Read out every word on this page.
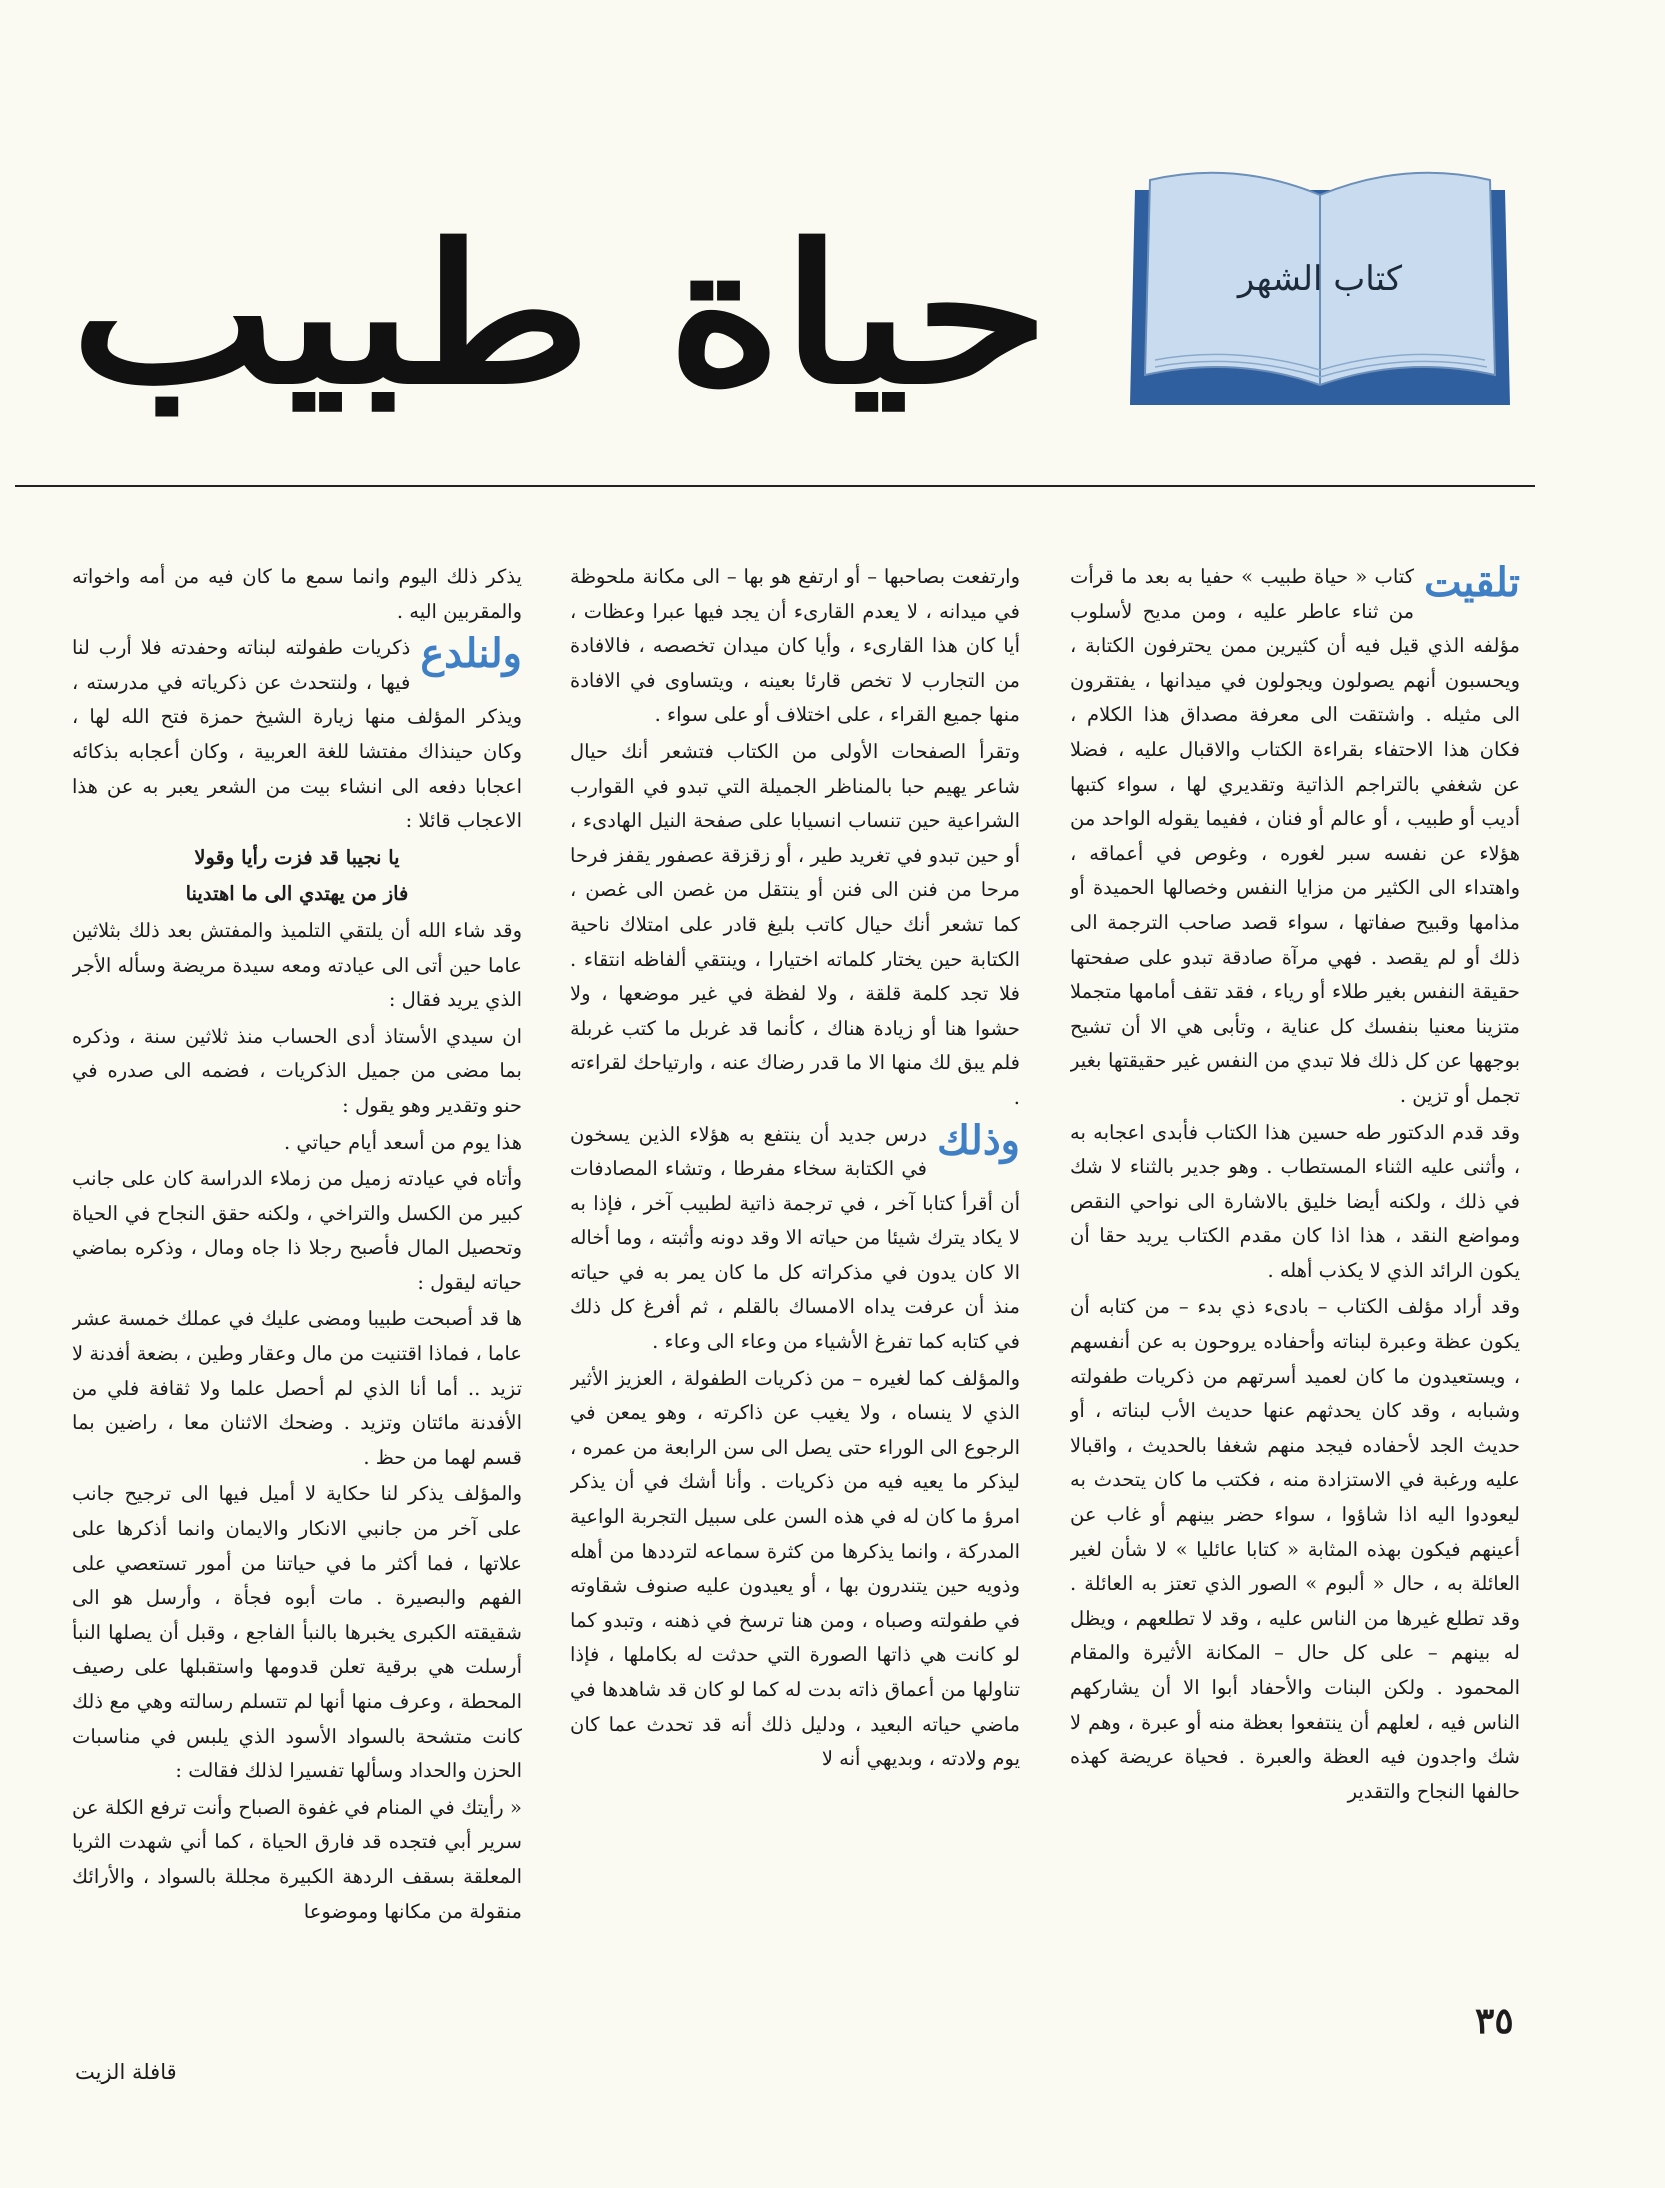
كتاب الشهر
حياة طبيب
تلقيت

كتاب « حياة طبيب » حفيا به بعد ما قرأت من ثناء عاطر عليه ، ومن مديح لأسلوب مؤلفه الذي قيل فيه أن كثيرين ممن يحترفون الكتابة ، ويحسبون أنهم يصولون ويجولون في ميدانها ، يفتقرون الى مثيله . واشتقت الى معرفة مصداق هذا الكلام ، فكان هذا الاحتفاء بقراءة الكتاب والاقبال عليه ، فضلا عن شغفي بالتراجم الذاتية وتقديري لها ، سواء كتبها أديب أو طبيب ، أو عالم أو فنان ، ففيما يقوله الواحد من هؤلاء عن نفسه سبر لغوره ، وغوص في أعماقه ، واهتداء الى الكثير من مزايا النفس وخصالها الحميدة أو مذامها وقبيح صفاتها ، سواء قصد صاحب الترجمة الى ذلك أو لم يقصد . فهي مرآة صادقة تبدو على صفحتها حقيقة النفس بغير طلاء أو رياء ، فقد تقف أمامها متجملا متزينا معنيا بنفسك كل عناية ، وتأبى هي الا أن تشيح بوجهها عن كل ذلك فلا تبدي من النفس غير حقيقتها بغير تجمل أو تزين .

وقد قدم الدكتور طه حسين هذا الكتاب فأبدى اعجابه به ، وأثنى عليه الثناء المستطاب . وهو جدير بالثناء لا شك في ذلك ، ولكنه أيضا خليق بالاشارة الى نواحي النقص ومواضع النقد ، هذا اذا كان مقدم الكتاب يريد حقا أن يكون الرائد الذي لا يكذب أهله .

وقد أراد مؤلف الكتاب – بادىء ذي بدء – من كتابه أن يكون عظة وعبرة لبناته وأحفاده يروحون به عن أنفسهم ، ويستعيدون ما كان لعميد أسرتهم من ذكريات طفولته وشبابه ، وقد كان يحدثهم عنها حديث الأب لبناته ، أو حديث الجد لأحفاده فيجد منهم شغفا بالحديث ، واقبالا عليه ورغبة في الاستزادة منه ، فكتب ما كان يتحدث به ليعودوا اليه اذا شاؤوا ، سواء حضر بينهم أو غاب عن أعينهم فيكون بهذه المثابة « كتابا عائليا » لا شأن لغير العائلة به ، حال « ألبوم » الصور الذي تعتز به العائلة . وقد تطلع غيرها من الناس عليه ، وقد لا تطلعهم ، ويظل له بينهم – على كل حال – المكانة الأثيرة والمقام المحمود . ولكن البنات والأحفاد أبوا الا أن يشاركهم الناس فيه ، لعلهم أن ينتفعوا بعظة منه أو عبرة ، وهم لا شك واجدون فيه العظة والعبرة . فحياة عريضة كهذه حالفها النجاح والتقدير

وارتفعت بصاحبها – أو ارتفع هو بها – الى مكانة ملحوظة في ميدانه ، لا يعدم القارىء أن يجد فيها عبرا وعظات ، أيا كان هذا القارىء ، وأيا كان ميدان تخصصه ، فالافادة من التجارب لا تخص قارئا بعينه ، ويتساوى في الافادة منها جميع القراء ، على اختلاف أو على سواء .

وتقرأ الصفحات الأولى من الكتاب فتشعر أنك حيال شاعر يهيم حبا بالمناظر الجميلة التي تبدو في القوارب الشراعية حين تنساب انسيابا على صفحة النيل الهادىء ، أو حين تبدو في تغريد طير ، أو زقزقة عصفور يقفز فرحا مرحا من فنن الى فنن أو ينتقل من غصن الى غصن ، كما تشعر أنك حيال كاتب بليغ قادر على امتلاك ناحية الكتابة حين يختار كلماته اختيارا ، وينتقي ألفاظه انتقاء . فلا تجد كلمة قلقة ، ولا لفظة في غير موضعها ، ولا حشوا هنا أو زيادة هناك ، كأنما قد غربل ما كتب غربلة فلم يبق لك منها الا ما قدر رضاك عنه ، وارتياحك لقراءته .

وذلك
درس جديد أن ينتفع به هؤلاء الذين يسخون في الكتابة سخاء مفرطا ، وتشاء المصادفات أن أقرأ كتابا آخر ، في ترجمة ذاتية لطبيب آخر ، فإذا به لا يكاد يترك شيئا من حياته الا وقد دونه وأثبته ، وما أخاله الا كان يدون في مذكراته كل ما كان يمر به في حياته منذ أن عرفت يداه الامساك بالقلم ، ثم أفرغ كل ذلك في كتابه كما تفرغ الأشياء من وعاء الى وعاء .

والمؤلف كما لغيره – من ذكريات الطفولة ، العزيز الأثير الذي لا ينساه ، ولا يغيب عن ذاكرته ، وهو يمعن في الرجوع الى الوراء حتى يصل الى سن الرابعة من عمره ، ليذكر ما يعيه فيه من ذكريات . وأنا أشك في أن يذكر امرؤ ما كان له في هذه السن على سبيل التجربة الواعية المدركة ، وانما يذكرها من كثرة سماعه لترددها من أهله وذويه حين يتندرون بها ، أو يعيدون عليه صنوف شقاوته في طفولته وصباه ، ومن هنا ترسخ في ذهنه ، وتبدو كما لو كانت هي ذاتها الصورة التي حدثت له بكاملها ، فإذا تناولها من أعماق ذاته بدت له كما لو كان قد شاهدها في ماضي حياته البعيد ، ودليل ذلك أنه قد تحدث عما كان يوم ولادته ، وبديهي أنه لا

يذكر ذلك اليوم وانما سمع ما كان فيه من أمه واخواته والمقربين اليه .

ولنلدع
ذكريات طفولته لبناته وحفدته فلا أرب لنا فيها ، ولنتحدث عن ذكرياته في مدرسته ، ويذكر المؤلف منها زيارة الشيخ حمزة فتح الله لها ، وكان حينذاك مفتشا للغة العربية ، وكان أعجابه بذكائه اعجابا دفعه الى انشاء بيت من الشعر يعبر به عن هذا الاعجاب قائلا :

يا نجيبا قد فزت رأيا وقولا

فاز من يهتدي الى ما اهتدينا

وقد شاء الله أن يلتقي التلميذ والمفتش بعد ذلك بثلاثين عاما حين أتى الى عيادته ومعه سيدة مريضة وسأله الأجر الذي يريد فقال :

ان سيدي الأستاذ أدى الحساب منذ ثلاثين سنة ، وذكره بما مضى من جميل الذكريات ، فضمه الى صدره في حنو وتقدير وهو يقول :

هذا يوم من أسعد أيام حياتي .

وأتاه في عيادته زميل من زملاء الدراسة كان على جانب كبير من الكسل والتراخي ، ولكنه حقق النجاح في الحياة وتحصيل المال فأصبح رجلا ذا جاه ومال ، وذكره بماضي حياته ليقول :

ها قد أصبحت طبيبا ومضى عليك في عملك خمسة عشر عاما ، فماذا اقتنيت من مال وعقار وطين ، بضعة أفدنة لا تزيد .. أما أنا الذي لم أحصل علما ولا ثقافة فلي من الأفدنة مائتان وتزيد . وضحك الاثنان معا ، راضين بما قسم لهما من حظ .

والمؤلف يذكر لنا حكاية لا أميل فيها الى ترجيح جانب على آخر من جانبي الانكار والايمان وانما أذكرها على علاتها ، فما أكثر ما في حياتنا من أمور تستعصي على الفهم والبصيرة . مات أبوه فجأة ، وأرسل هو الى شقيقته الكبرى يخبرها بالنبأ الفاجع ، وقبل أن يصلها النبأ أرسلت هي برقية تعلن قدومها واستقبلها على رصيف المحطة ، وعرف منها أنها لم تتسلم رسالته وهي مع ذلك كانت متشحة بالسواد الأسود الذي يلبس في مناسبات الحزن والحداد وسألها تفسيرا لذلك فقالت :

« رأيتك في المنام في غفوة الصباح وأنت ترفع الكلة عن سرير أبي فتجده قد فارق الحياة ، كما أني شهدت الثريا المعلقة بسقف الردهة الكبيرة مجللة بالسواد ، والأرائك منقولة من مكانها وموضوعا

٣٥
قافلة الزيت
